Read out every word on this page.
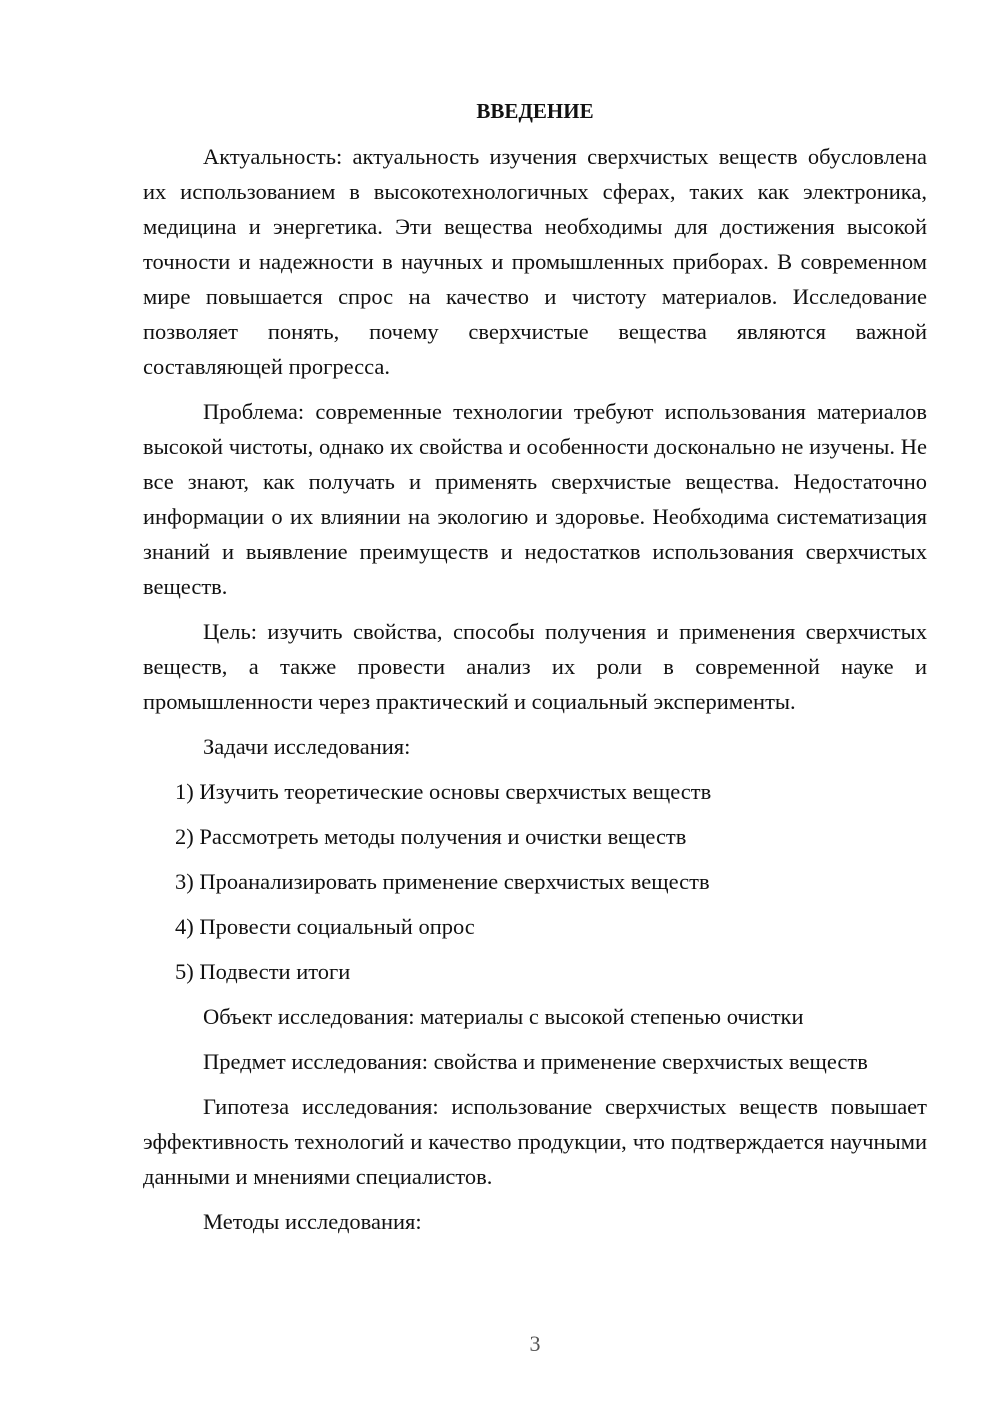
ВВЕДЕНИЕ

Актуальность: актуальность изучения сверхчистых веществ обусловлена их использованием в высокотехнологичных сферах, таких как электроника, медицина и энергетика. Эти вещества необходимы для достижения высокой точности и надежности в научных и промышленных приборах. В современном мире повышается спрос на качество и чистоту материалов. Исследование позволяет понять, почему сверхчистые вещества являются важной составляющей прогресса.

Проблема: современные технологии требуют использования материалов высокой чистоты, однако их свойства и особенности досконально не изучены. Не все знают, как получать и применять сверхчистые вещества. Недостаточно информации о их влиянии на экологию и здоровье. Необходима систематизация знаний и выявление преимуществ и недостатков использования сверхчистых веществ.

Цель: изучить свойства, способы получения и применения сверхчистых веществ, а также провести анализ их роли в современной науке и промышленности через практический и социальный эксперименты.

Задачи исследования:

1) Изучить теоретические основы сверхчистых веществ
2) Рассмотреть методы получения и очистки веществ
3) Проанализировать применение сверхчистых веществ
4) Провести социальный опрос
5) Подвести итоги

Объект исследования: материалы с высокой степенью очистки

Предмет исследования: свойства и применение сверхчистых веществ

Гипотеза исследования: использование сверхчистых веществ повышает эффективность технологий и качество продукции, что подтверждается научными данными и мнениями специалистов.

Методы исследования:

3
